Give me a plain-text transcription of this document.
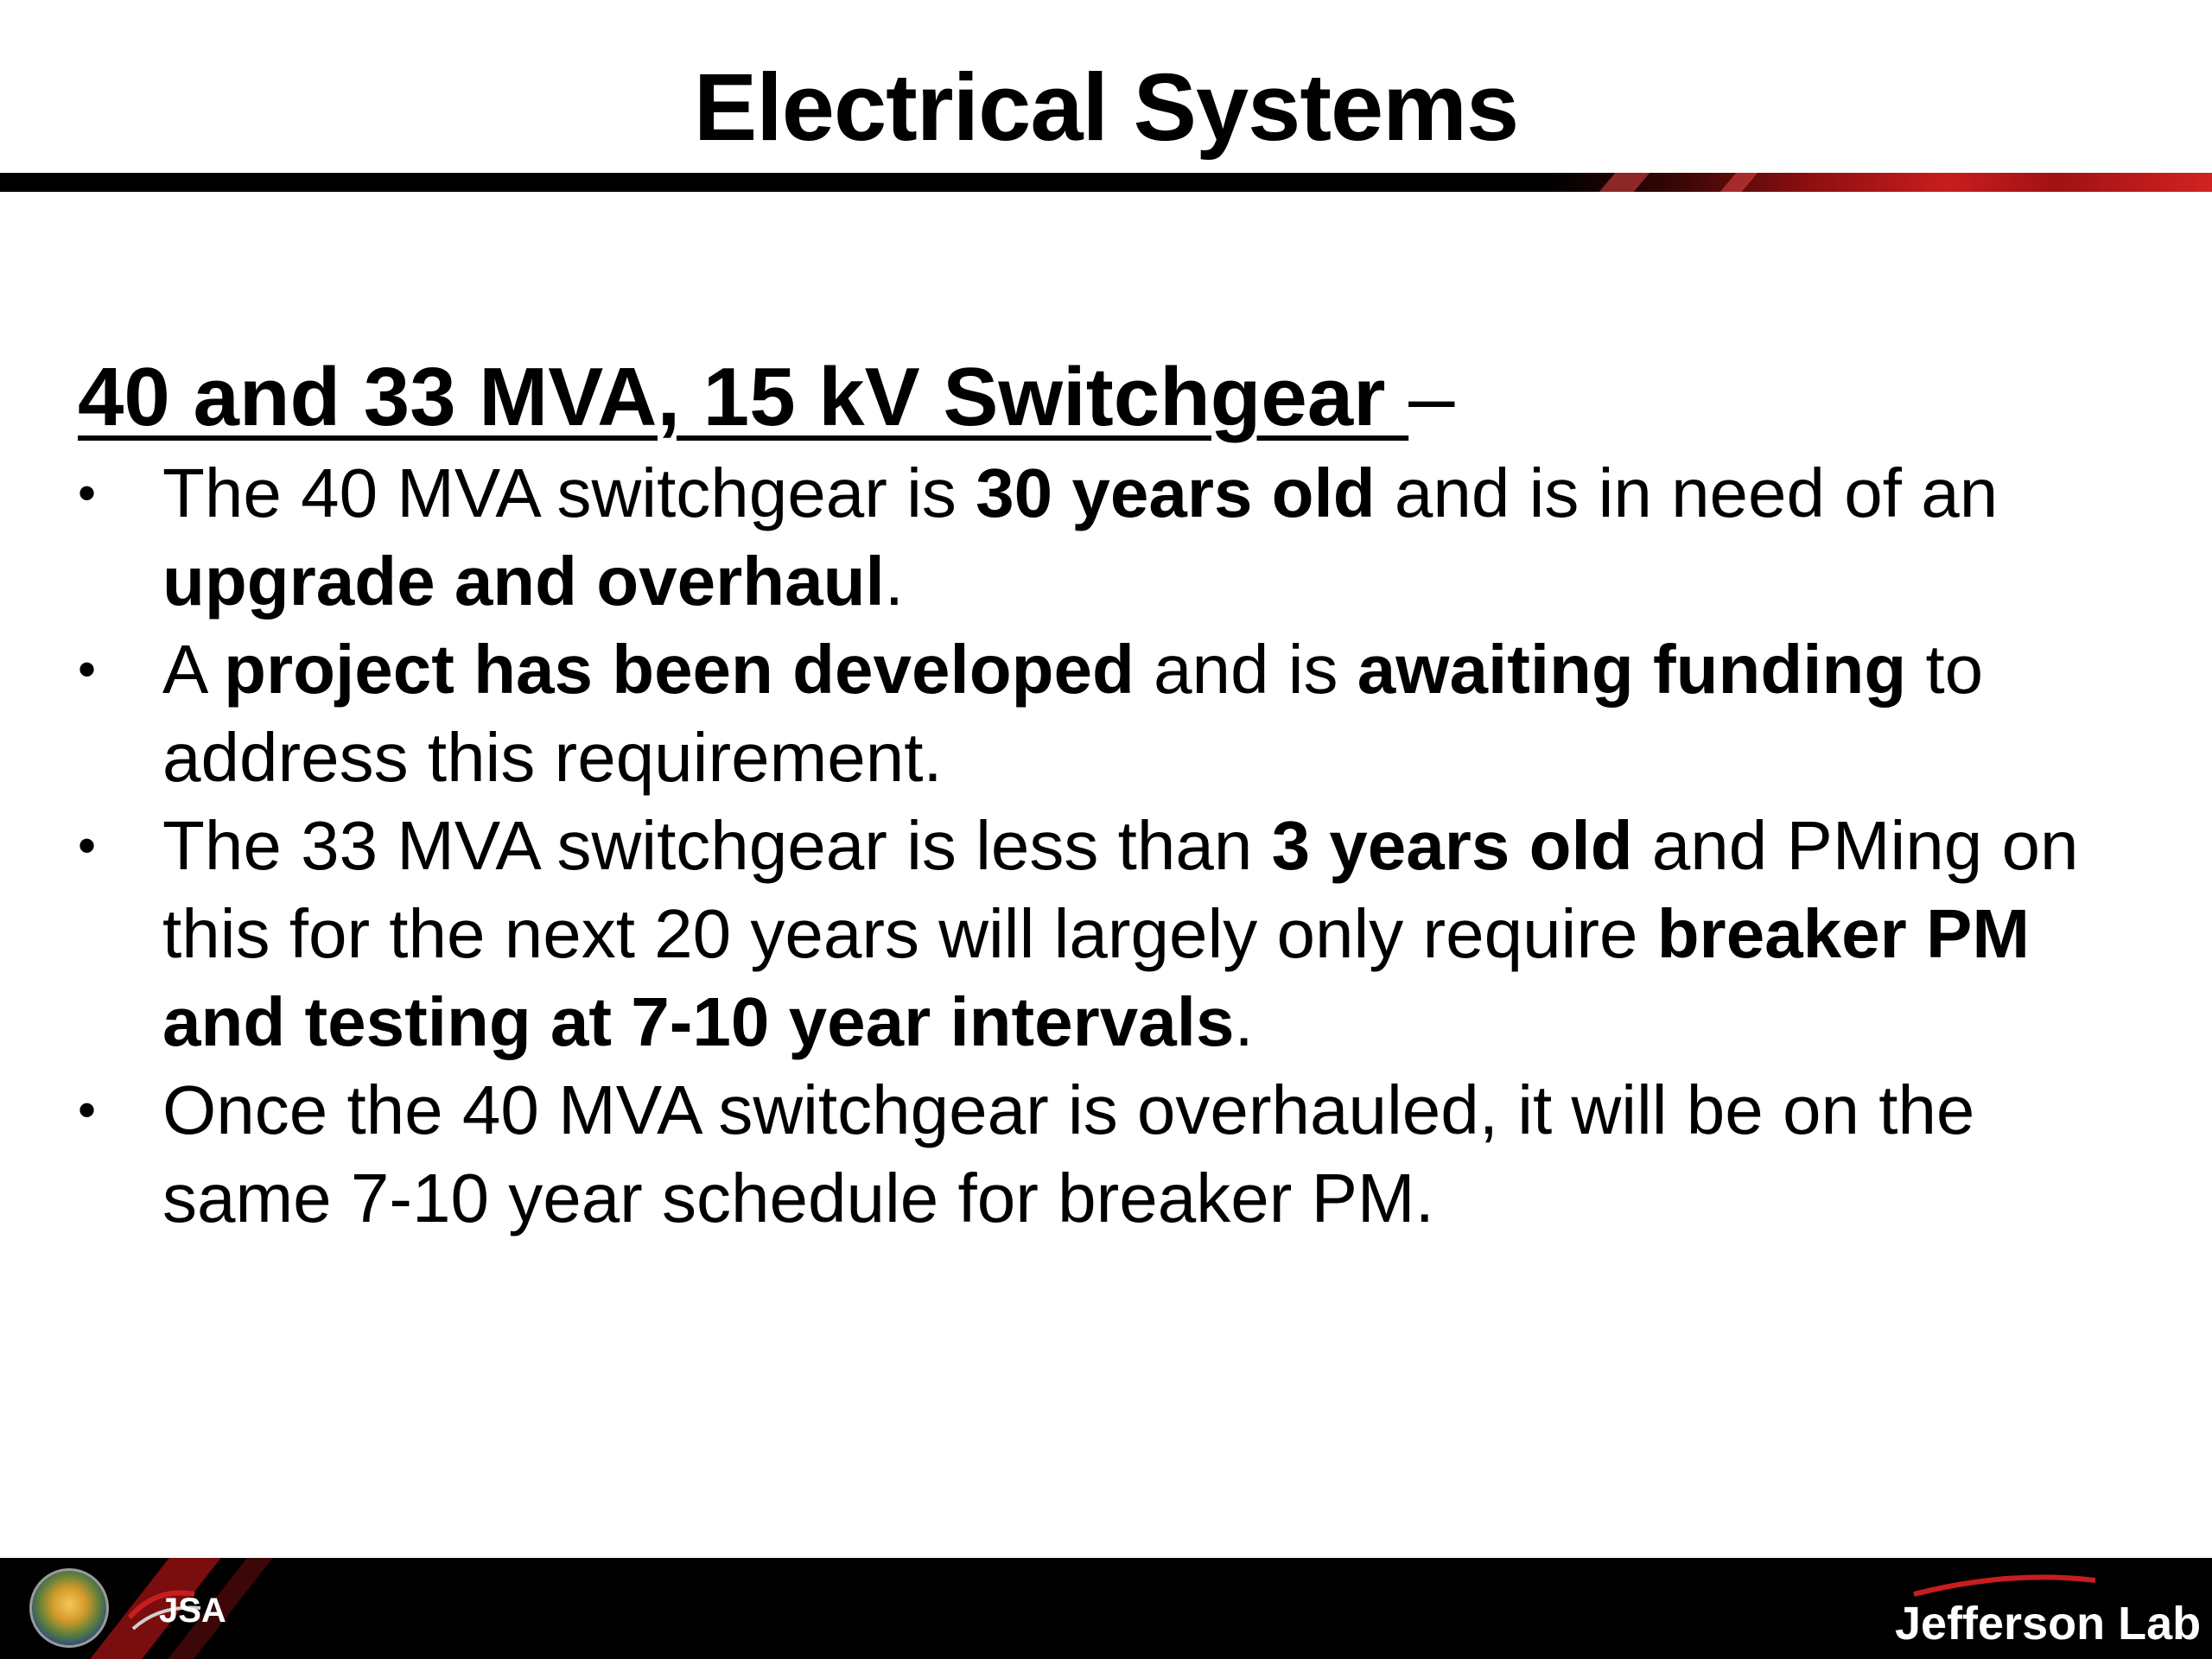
Electrical Systems

40 and 33 MVA, 15 kV Switchgear –

• The 40 MVA switchgear is 30 years old and is in need of an upgrade and overhaul.
• A project has been developed and is awaiting funding to address this requirement.
• The 33 MVA switchgear is less than 3 years old and PMing on this for the next 20 years will largely only require breaker PM and testing at 7-10 year intervals.
• Once the 40 MVA switchgear is overhauled, it will be on the same 7-10 year schedule for breaker PM.
JSA	Jefferson Lab
